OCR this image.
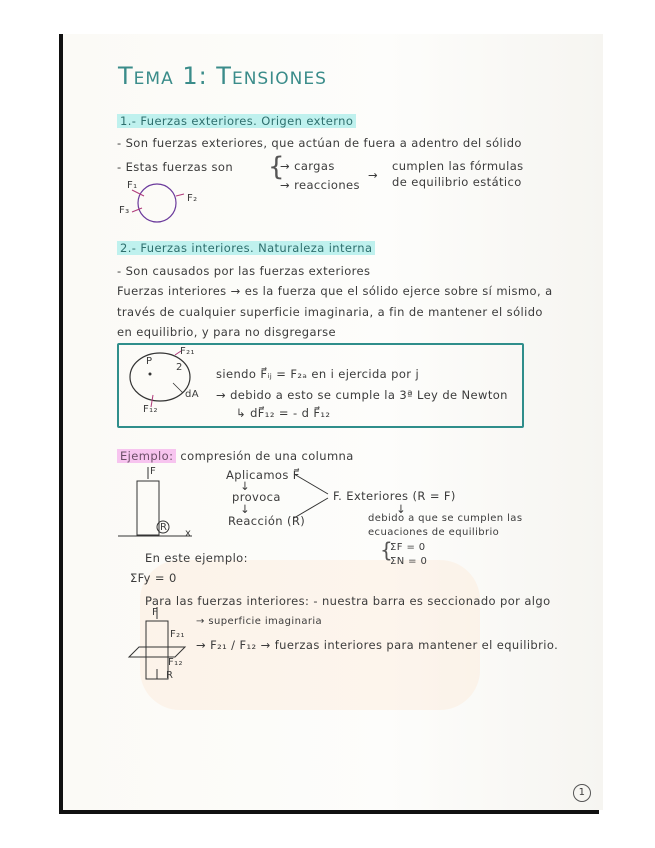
Tema 1: Tensiones
1.- Fuerzas exteriores. Origen externo
- Son fuerzas exteriores, que actúan de fuera a adentro del sólido
- Estas fuerzas son {
→ cargas
→ reacciones
→
cumplen las fórmulas
de equilibrio estático
F₁
F₂
F₃
2.- Fuerzas interiores. Naturaleza interna
- Son causados por las fuerzas exteriores
Fuerzas interiores → es la fuerza que el sólido ejerce sobre sí mismo, a
través de cualquier superficie imaginaria, a fin de mantener el sólido
en equilibrio, y para no disgregarse
P
2
F₂₁
F₁₂
dA
siendo F⃗ᵢⱼ = F₂ₐ en i ejercida por j
→ debido a esto se cumple la 3ª Ley de Newton
↳ dF⃗₁₂ = - d F⃗₁₂
Ejemplo: compresión de una columna
F
R
x
Aplicamos F⃗
↓
provoca
↓
Reacción (R)
F. Exteriores (R = F)
↓
debido a que se cumplen las
ecuaciones de equilibrio
{
ΣF = 0
ΣN = 0
En este ejemplo:
ΣFy = 0
Para las fuerzas interiores: - nuestra barra es seccionado por algo
F
F₂₁
F₁₂
R
→ superficie imaginaria
→ F₂₁ / F₁₂ → fuerzas interiores para mantener el equilibrio.
1
